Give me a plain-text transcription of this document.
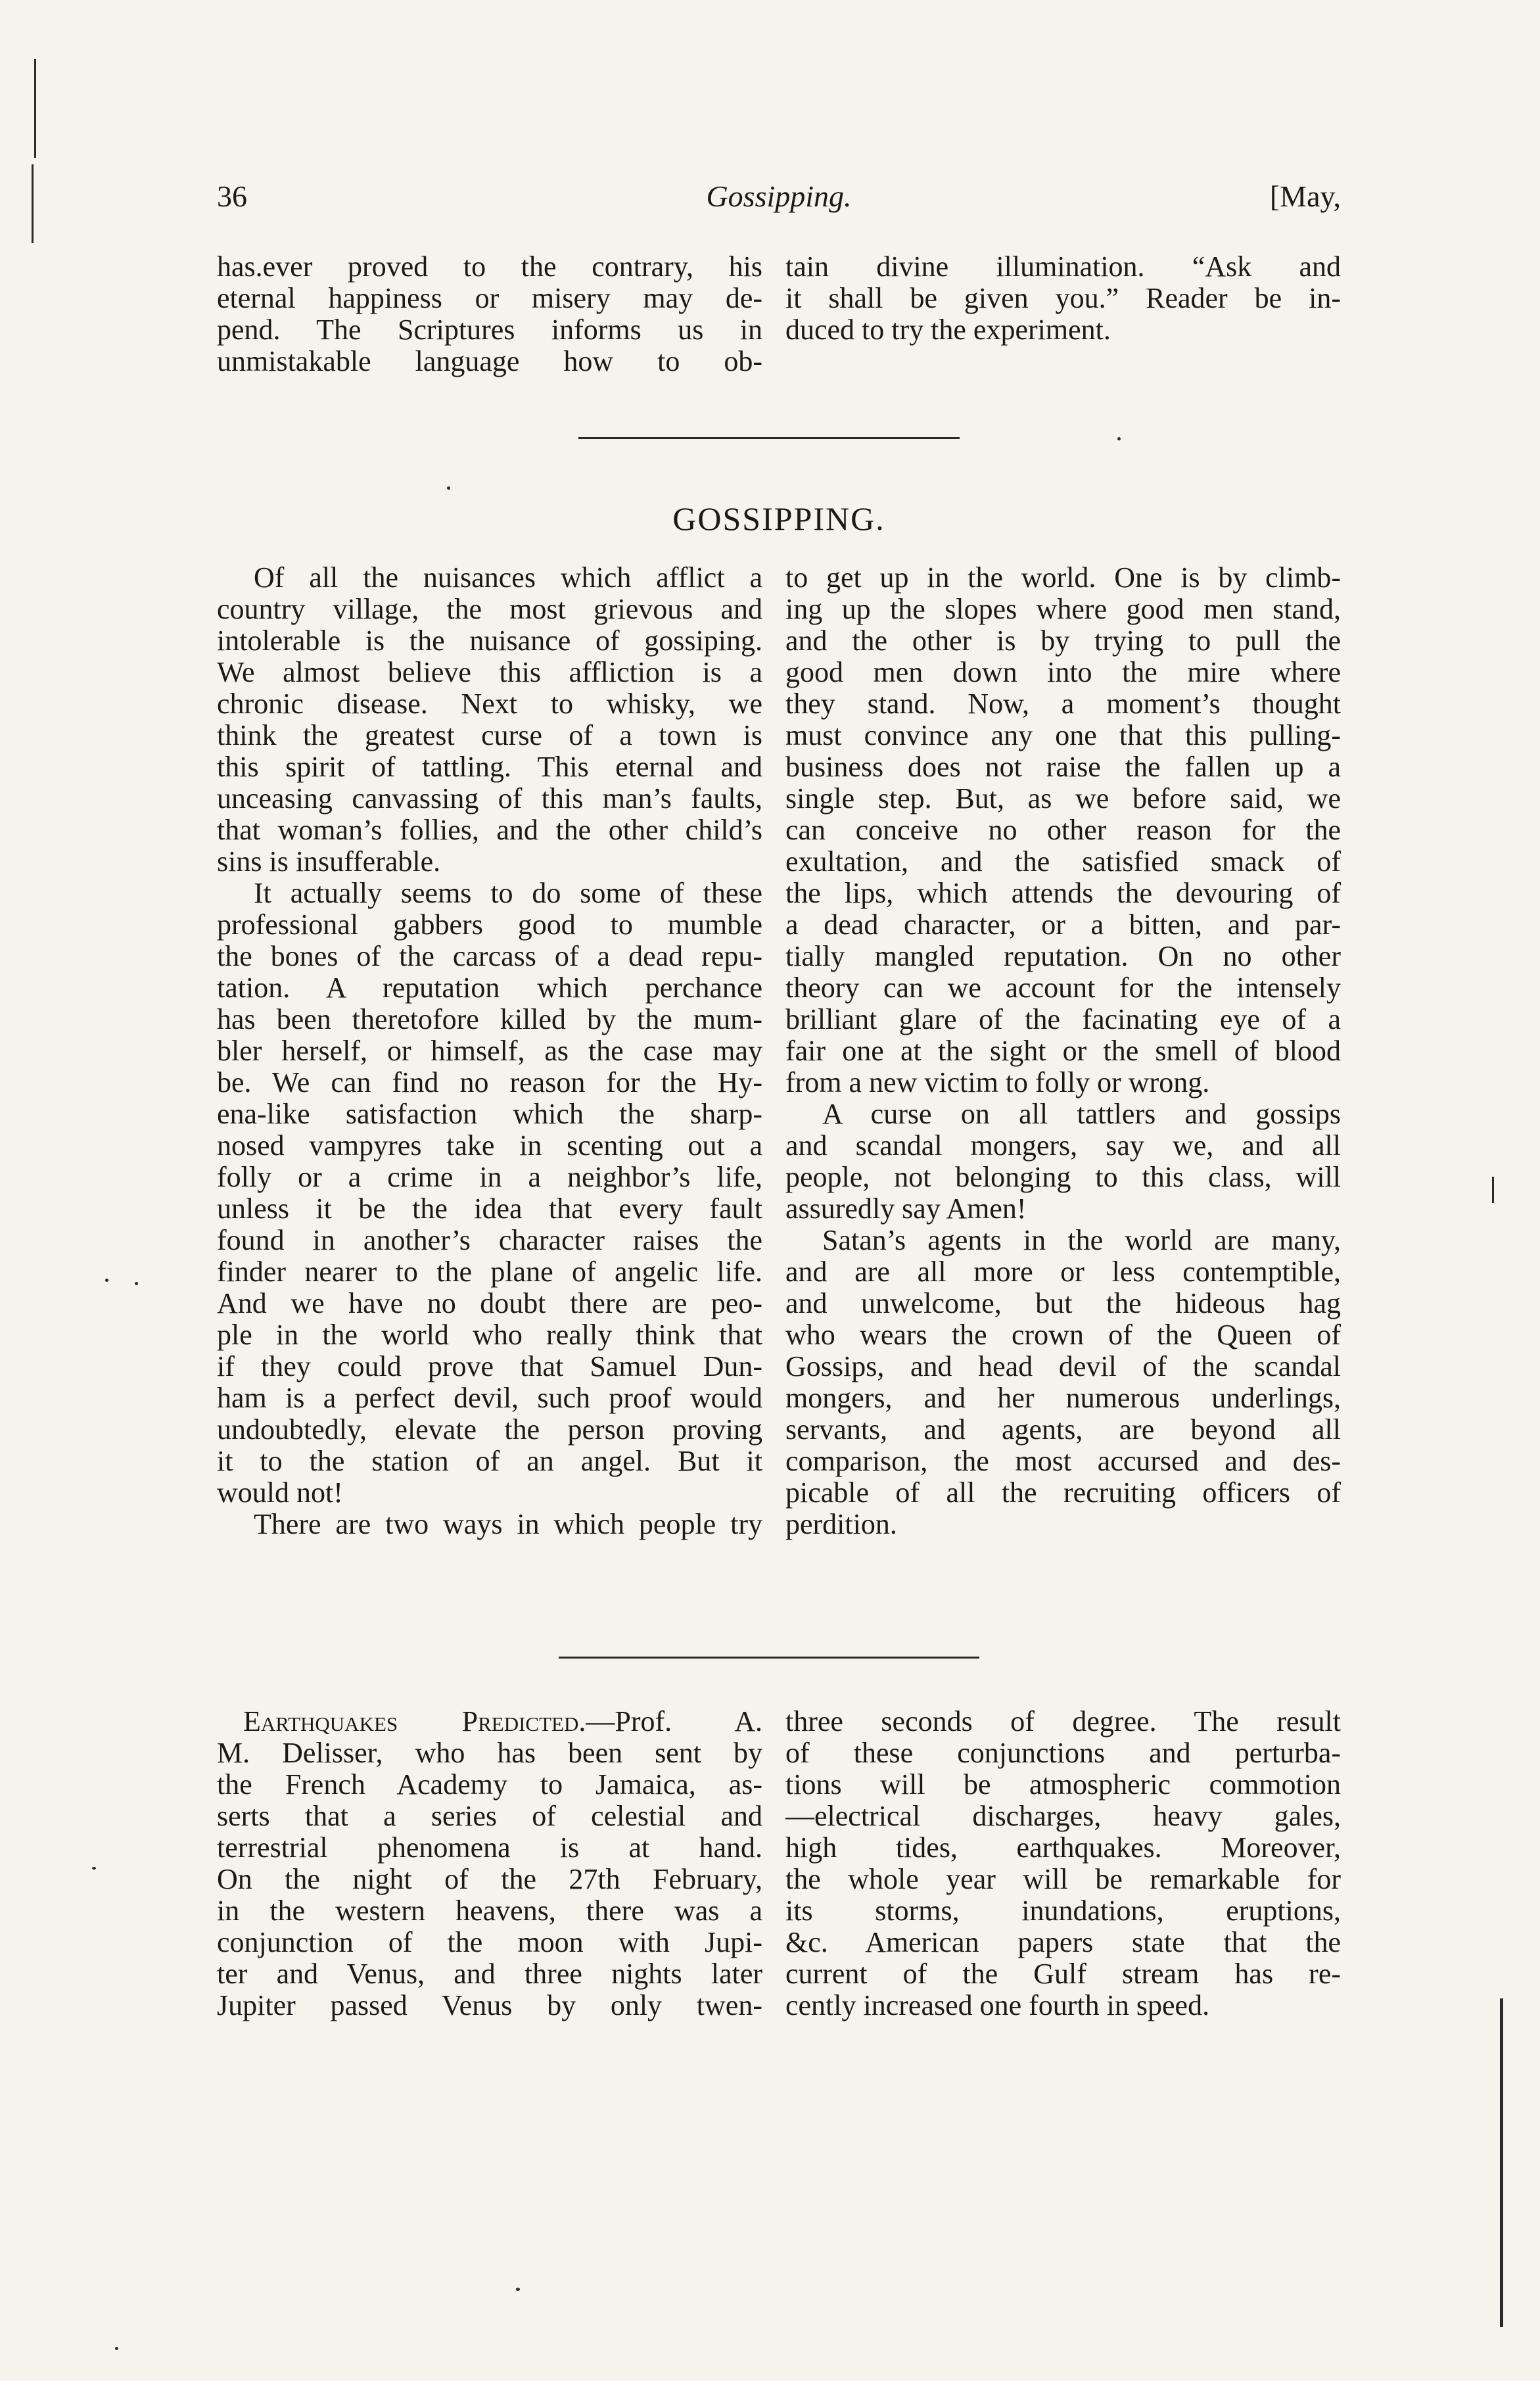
36	Gossipping.	[May,
has.ever proved to the contrary, his
eternal happiness or misery may de-
pend. The Scriptures informs us in
unmistakable language how to ob-
tain divine illumination. “Ask and
it shall be given you.” Reader be in-
duced to try the experiment.
GOSSIPPING.
Of all the nuisances which afflict a
country village, the most grievous and
intolerable is the nuisance of gossiping.
We almost believe this affliction is a
chronic disease. Next to whisky, we
think the greatest curse of a town is
this spirit of tattling. This eternal and
unceasing canvassing of this man’s faults,
that woman’s follies, and the other child’s
sins is insufferable.
It actually seems to do some of these
professional gabbers good to mumble
the bones of the carcass of a dead repu-
tation. A reputation which perchance
has been theretofore killed by the mum-
bler herself, or himself, as the case may
be. We can find no reason for the Hy-
ena-like satisfaction which the sharp-
nosed vampyres take in scenting out a
folly or a crime in a neighbor’s life,
unless it be the idea that every fault
found in another’s character raises the
finder nearer to the plane of angelic life.
And we have no doubt there are peo-
ple in the world who really think that
if they could prove that Samuel Dun-
ham is a perfect devil, such proof would
undoubtedly, elevate the person proving
it to the station of an angel. But it
would not!
There are two ways in which people try
to get up in the world. One is by climb-
ing up the slopes where good men stand,
and the other is by trying to pull the
good men down into the mire where
they stand. Now, a moment’s thought
must convince any one that this pulling-
business does not raise the fallen up a
single step. But, as we before said, we
can conceive no other reason for the
exultation, and the satisfied smack of
the lips, which attends the devouring of
a dead character, or a bitten, and par-
tially mangled reputation. On no other
theory can we account for the intensely
brilliant glare of the facinating eye of a
fair one at the sight or the smell of blood
from a new victim to folly or wrong.
A curse on all tattlers and gossips
and scandal mongers, say we, and all
people, not belonging to this class, will
assuredly say Amen!
Satan’s agents in the world are many,
and are all more or less contemptible,
and unwelcome, but the hideous hag
who wears the crown of the Queen of
Gossips, and head devil of the scandal
mongers, and her numerous underlings,
servants, and agents, are beyond all
comparison, the most accursed and des-
picable of all the recruiting officers of
perdition.
Earthquakes Predicted.—Prof. A.
M. Delisser, who has been sent by
the French Academy to Jamaica, as-
serts that a series of celestial and
terrestrial phenomena is at hand.
On the night of the 27th February,
in the western heavens, there was a
conjunction of the moon with Jupi-
ter and Venus, and three nights later
Jupiter passed Venus by only twen-
three seconds of degree. The result
of these conjunctions and perturba-
tions will be atmospheric commotion
—electrical discharges, heavy gales,
high tides, earthquakes. Moreover,
the whole year will be remarkable for
its storms, inundations, eruptions,
&c. American papers state that the
current of the Gulf stream has re-
cently increased one fourth in speed.
